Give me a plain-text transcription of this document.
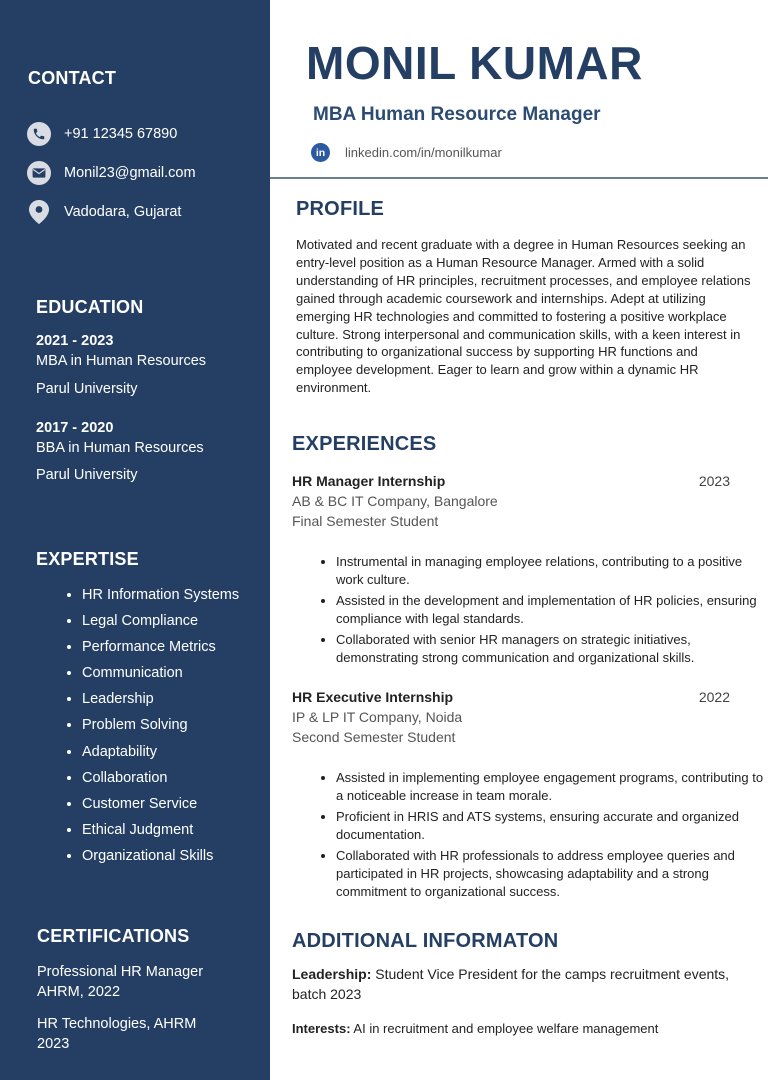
CONTACT
+91 12345 67890
Monil23@gmail.com
Vadodara, Gujarat
EDUCATION
2021 - 2023
MBA in Human Resources
Parul University
2017 - 2020
BBA in Human Resources
Parul University
EXPERTISE
• HR Information Systems
• Legal Compliance
• Performance Metrics
• Communication
• Leadership
• Problem Solving
• Adaptability
• Collaboration
• Customer Service
• Ethical Judgment
• Organizational Skills
CERTIFICATIONS
Professional HR Manager
AHRM, 2022
HR Technologies, AHRM
2023
MONIL KUMAR
MBA Human Resource Manager
in	linkedin.com/in/monilkumar
PROFILE

Motivated and recent graduate with a degree in Human Resources seeking an entry-level position as a Human Resource Manager. Armed with a solid understanding of HR principles, recruitment processes, and employee relations gained through academic coursework and internships. Adept at utilizing emerging HR technologies and committed to fostering a positive workplace culture. Strong interpersonal and communication skills, with a keen interest in contributing to organizational success by supporting HR functions and employee development. Eager to learn and grow within a dynamic HR environment.

EXPERIENCES
HR Manager Internship	2023
AB & BC IT Company, Bangalore
Final Semester Student
• Instrumental in managing employee relations, contributing to a positive work culture.
• Assisted in the development and implementation of HR policies, ensuring compliance with legal standards.
• Collaborated with senior HR managers on strategic initiatives, demonstrating strong communication and organizational skills.
HR Executive Internship	2022
IP & LP IT Company, Noida
Second Semester Student
• Assisted in implementing employee engagement programs, contributing to a noticeable increase in team morale.
• Proficient in HRIS and ATS systems, ensuring accurate and organized documentation.
• Collaborated with HR professionals to address employee queries and participated in HR projects, showcasing adaptability and a strong commitment to organizational success.
ADDITIONAL INFORMATON
Leadership: Student Vice President for the camps recruitment events, batch 2023
Interests: AI in recruitment and employee welfare management
